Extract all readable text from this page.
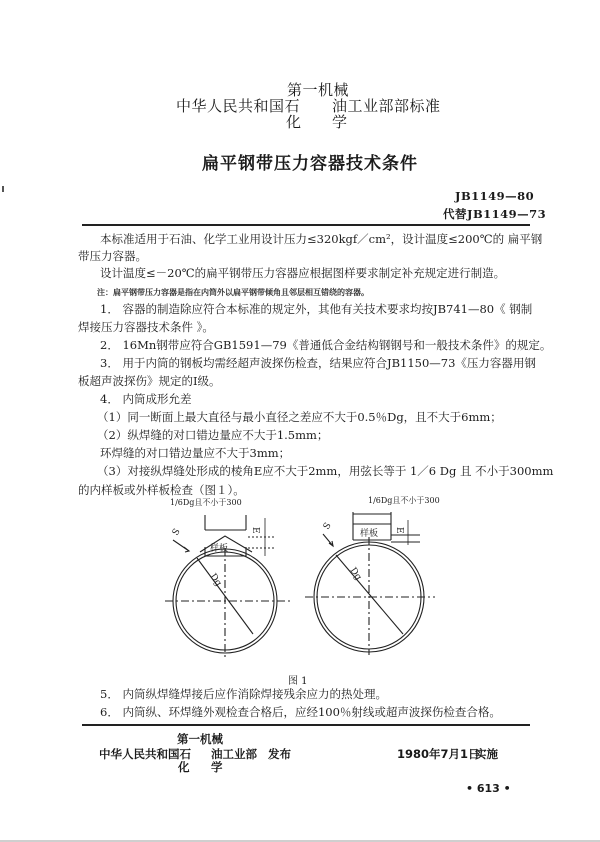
第一机械
中华人民共和国石 油工业部部标准
化 学
扁平钢带压力容器技术条件
JB1149—80
代替JB1149—73
本标准适用于石油、化学工业用设计压力≤320kgf／cm²，设计温度≤200℃的 扁平钢
带压力容器。
设计温度≤－20℃的扁平钢带压力容器应根据图样要求制定补充规定进行制造。
注：扁平钢带压力容器是指在内筒外以扁平钢带倾角且邻层相互错绕的容器。
1． 容器的制造除应符合本标准的规定外，其他有关技术要求均按JB741—80《 钢制
焊接压力容器技术条件 》。
2． 16Mn钢带应符合GB1591—79《普通低合金结构钢钢号和一般技术条件》的规定。
3． 用于内筒的钢板均需经超声波探伤检查，结果应符合JB1150—73《压力容器用钢
板超声波探伤》规定的Ⅰ级。
4． 内筒成形允差
（1）同一断面上最大直径与最小直径之差应不大于0.5％Dg，且不大于6mm；
（2）纵焊缝的对口错边量应不大于1.5mm；
环焊缝的对口错边量应不大于3mm；
（3）对接纵焊缝处形成的棱角E应不大于2mm，用弦长等于 1／6 Dg 且 不小于300mm
的内样板或外样板检查（图１）。
1/6Dg且不小于300	1/6Dg且不小于300
样板
S	E
Dg
样板
S	E
Dg
图 1
5． 内筒纵焊缝焊接后应作消除焊接残余应力的热处理。
6． 内筒纵、环焊缝外观检查合格后，应经100％射线或超声波探伤检查合格。
第一机械
中华人民共和国石 油工业部
化 学
发布	1980年7月1日
实施
• 613 •
